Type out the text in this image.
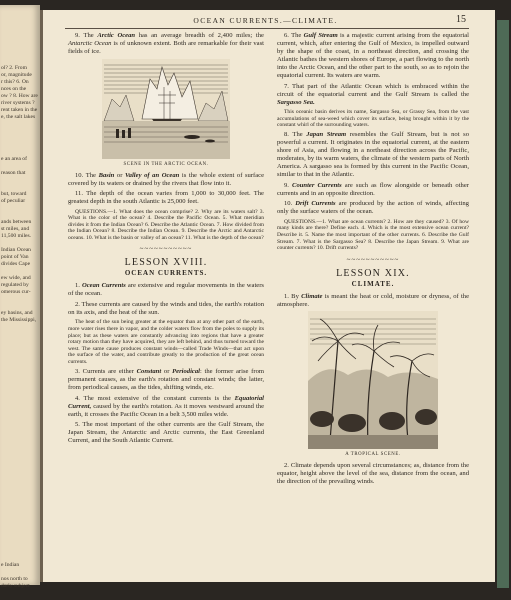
ol? 2. From
or, magnitude
r this? 6. On
nces on the
ow ? 8. How are
river systems ?
rent taken in the
e, the salt lakes
e an area of
reason that
but, toward
of peculiar
ands between
st miles, and
11,500 miles.
Indian Ocean
point of Van
divides Cape
ew wide, and
regulated by
omerous cur-
ey basins, and
the Mississippi,
e Indian
nos north to
darly subject
OCEAN CURRENTS.—CLIMATE.	15

9. The Arctic Ocean has an average breadth of 2,400 miles; the Antarctic Ocean is of unknown extent. Both are remarkable for their vast fields of ice.

SCENE IN THE ARCTIC OCEAN.

10. The Basin or Valley of an Ocean is the whole extent of surface covered by its waters or drained by the rivers that flow into it.

11. The depth of the ocean varies from 1,000 to 30,000 feet. The greatest depth in the south Atlantic is 25,000 feet.

QUESTIONS.—1. What does the ocean comprise? 2. Why are its waters salt? 3. What is the color of the ocean? 4. Describe the Pacific Ocean. 5. What meridian divides it from the Indian Ocean? 6. Describe the Atlantic Ocean. 7. How divided from the Indian Ocean? 8. Describe the Indian Ocean. 9. Describe the Arctic and Antarctic oceans. 10. What is the basin or valley of an ocean? 11. What is the depth of the ocean?

~~~~~~~~~~~
LESSON XVIII.
OCEAN CURRENTS.

1. Ocean Currents are extensive and regular movements in the waters of the ocean.

2. These currents are caused by the winds and tides, the earth's rotation on its axis, and the heat of the sun.

The heat of the sun being greater at the equator than at any other part of the earth, more water rises there in vapor, and the colder waters flow from the poles to supply its place; but as these waters are constantly advancing into regions that have a greater rotary motion than they have acquired, they are left behind, and thus turned toward the west. The same cause produces constant winds—called Trade Winds—that act upon the surface of the water, and contribute greatly to the production of the great ocean currents.

3. Currents are either Constant or Periodical: the former arise from permanent causes, as the earth's rotation and constant winds; the latter, from periodical causes, as the tides, shifting winds, etc.

4. The most extensive of the constant currents is the Equatorial Current, caused by the earth's rotation. As it moves westward around the earth, it crosses the Pacific Ocean in a belt 3,500 miles wide.

5. The most important of the other currents are the Gulf Stream, the Japan Stream, the Antarctic and Arctic currents, the East Greenland Current, and the South Atlantic Current.

6. The Gulf Stream is a majestic current arising from the equatorial current, which, after entering the Gulf of Mexico, is impelled outward by the shape of the coast, in a northeast direction, and crossing the Atlantic bathes the western shores of Europe, a part flowing to the north into the Arctic Ocean, and the other part to the south, so as to rejoin the equatorial current. Its waters are warm.

7. That part of the Atlantic Ocean which is embraced within the circuit of the equatorial current and the Gulf Stream is called the Sargasso Sea.

This oceanic basin derives its name, Sargasso Sea, or Grassy Sea, from the vast accumulations of sea-weed which cover its surface, being brought within it by the constant whirl of the surrounding waters.

8. The Japan Stream resembles the Gulf Stream, but is not so powerful a current. It originates in the equatorial current, at the eastern shore of Asia, and flowing in a northeast direction across the Pacific, moderates, by its warm waters, the climate of the western parts of North America. A sargasso sea is formed by this current in the Pacific Ocean, similar to that in the Atlantic.

9. Counter Currents are such as flow alongside or beneath other currents and in an opposite direction.

10. Drift Currents are produced by the action of winds, affecting only the surface waters of the ocean.

QUESTIONS.—1. What are ocean currents? 2. How are they caused? 3. Of how many kinds are there? Define each. 4. Which is the most extensive ocean current? Describe it. 5. Name the most important of the other currents. 6. Describe the Gulf Stream. 7. What is the Sargasso Sea? 8. Describe the Japan Stream. 9. What are counter currents? 10. Drift currents?

~~~~~~~~~~~
LESSON XIX.
CLIMATE.

1. By Climate is meant the heat or cold, moisture or dryness, of the atmosphere.

A TROPICAL SCENE.

2. Climate depends upon several circumstances; as, distance from the equator, height above the level of the sea, distance from the ocean, and the direction of the prevailing winds.
